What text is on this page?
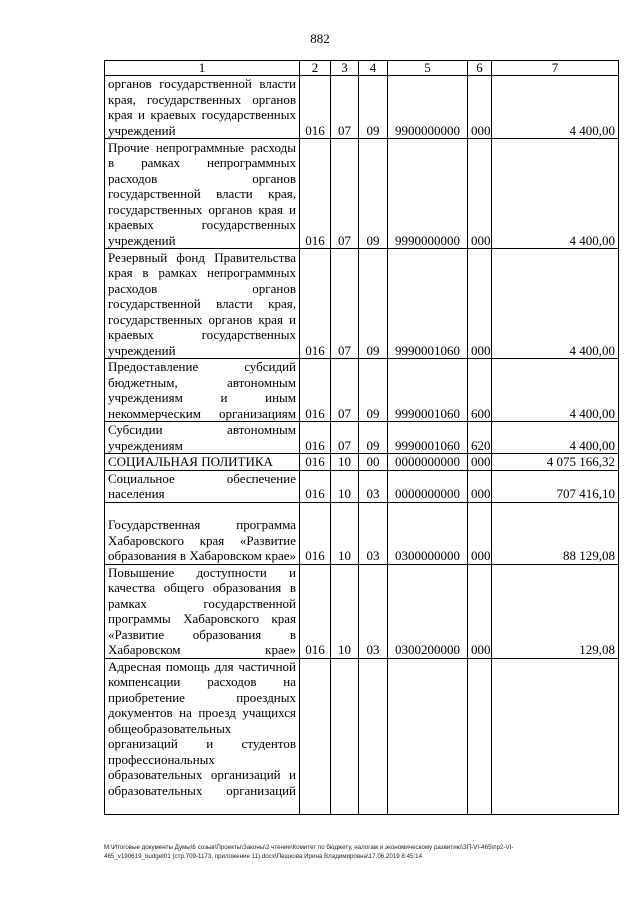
882
1	2	3	4	5	6	7
органов государственной власти края, государственных органов края и краевых государственных учреждений	016	07	09	9900000000	000	4 400,00
Прочие непрограммные расходы в рамках непрограммных расходов органов государственной власти края, государственных органов края и краевых государственных учреждений	016	07	09	9990000000	000	4 400,00
Резервный фонд Правительства края в рамках непрограммных расходов органов государственной власти края, государственных органов края и краевых государственных учреждений	016	07	09	9990001060	000	4 400,00
Предоставление субсидий бюджетным, автономным учреждениям и иным некоммерческим организациям	016	07	09	9990001060	600	4 400,00
Субсидии автономным учреждениям	016	07	09	9990001060	620	4 400,00
СОЦИАЛЬНАЯ ПОЛИТИКА	016	10	00	0000000000	000	4 075 166,32
Социальное обеспечение населения	016	10	03	0000000000	000	707 416,10
Государственная программа Хабаровского края «Развитие образования в Хабаровском крае»	016	10	03	0300000000	000	88 129,08
Повышение доступности и качества общего образования в рамках государственной программы Хабаровского края «Развитие образования в Хабаровском крае»	016	10	03	0300200000	000	129,08
Адресная помощь для частичной компенсации расходов на приобретение проездных документов на проезд учащихся общеобразовательных организаций и студентов профессиональных образовательных организаций и образовательных организаций						
М:\Итоговые документы Думы\6 созыв\Проекты\Законы\2 чтение\Комитет по бюджету, налогам и экономическому развитию\ЗП-VI-465\пр2-VI-
465_v190619_budget01 (стр.709-1173, приложение 11).docx\Пешкова Ирина Владимировна\17.06.2019 8:45:14
